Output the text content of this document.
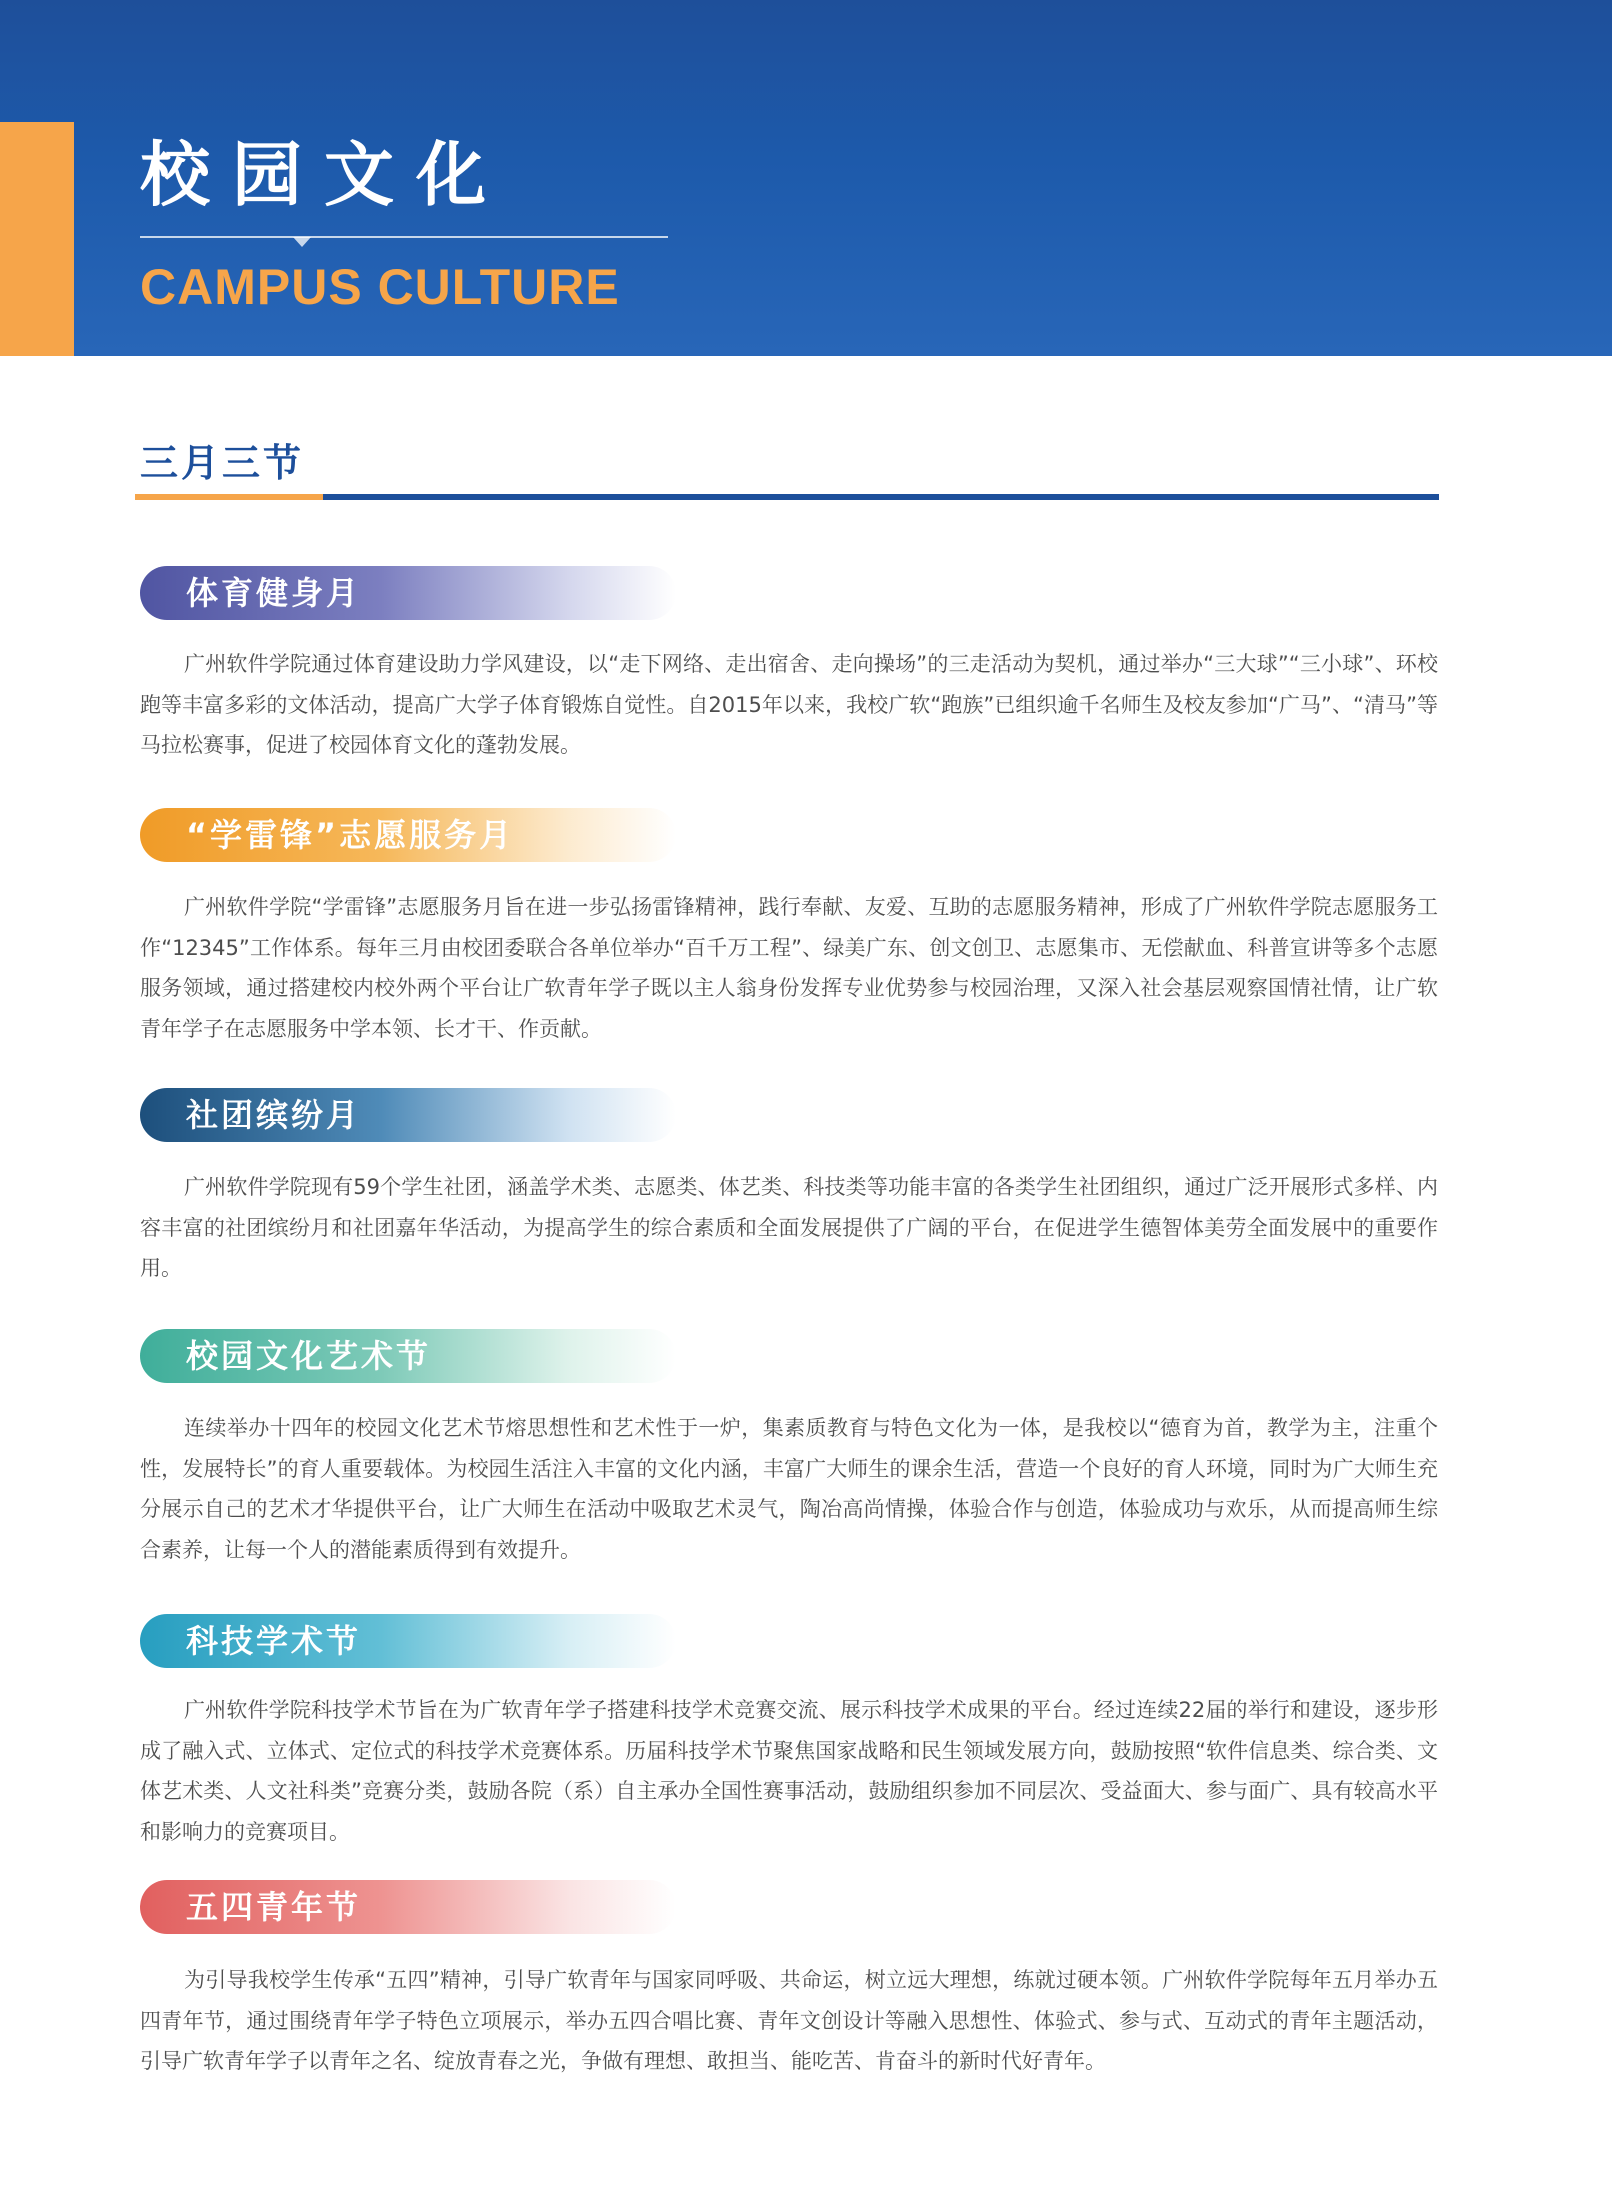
校园文化
CAMPUS CULTURE
三月三节
体育健身月

广州软件学院通过体育建设助力学风建设，以“走下网络、走出宿舍、走向操场”的三走活动为契机，通过举办“三大球”“三小球”、环校跑等丰富多彩的文体活动，提高广大学子体育锻炼自觉性。自2015年以来，我校广软“跑族”已组织逾千名师生及校友参加“广马”、“清马”等马拉松赛事，促进了校园体育文化的蓬勃发展。

“学雷锋”志愿服务月

广州软件学院“学雷锋”志愿服务月旨在进一步弘扬雷锋精神，践行奉献、友爱、互助的志愿服务精神，形成了广州软件学院志愿服务工作“12345”工作体系。每年三月由校团委联合各单位举办“百千万工程”、绿美广东、创文创卫、志愿集市、无偿献血、科普宣讲等多个志愿服务领域，通过搭建校内校外两个平台让广软青年学子既以主人翁身份发挥专业优势参与校园治理，又深入社会基层观察国情社情，让广软青年学子在志愿服务中学本领、长才干、作贡献。

社团缤纷月

广州软件学院现有59个学生社团，涵盖学术类、志愿类、体艺类、科技类等功能丰富的各类学生社团组织，通过广泛开展形式多样、内容丰富的社团缤纷月和社团嘉年华活动，为提高学生的综合素质和全面发展提供了广阔的平台，在促进学生德智体美劳全面发展中的重要作用。

校园文化艺术节

连续举办十四年的校园文化艺术节熔思想性和艺术性于一炉，集素质教育与特色文化为一体，是我校以“德育为首，教学为主，注重个性，发展特长”的育人重要载体。为校园生活注入丰富的文化内涵，丰富广大师生的课余生活，营造一个良好的育人环境，同时为广大师生充分展示自己的艺术才华提供平台，让广大师生在活动中吸取艺术灵气，陶冶高尚情操，体验合作与创造，体验成功与欢乐，从而提高师生综合素养，让每一个人的潜能素质得到有效提升。

科技学术节

广州软件学院科技学术节旨在为广软青年学子搭建科技学术竞赛交流、展示科技学术成果的平台。经过连续22届的举行和建设，逐步形成了融入式、立体式、定位式的科技学术竞赛体系。历届科技学术节聚焦国家战略和民生领域发展方向，鼓励按照“软件信息类、综合类、文体艺术类、人文社科类”竞赛分类，鼓励各院（系）自主承办全国性赛事活动，鼓励组织参加不同层次、受益面大、参与面广、具有较高水平和影响力的竞赛项目。

五四青年节

为引导我校学生传承“五四”精神，引导广软青年与国家同呼吸、共命运，树立远大理想，练就过硬本领。广州软件学院每年五月举办五四青年节，通过围绕青年学子特色立项展示，举办五四合唱比赛、青年文创设计等融入思想性、体验式、参与式、互动式的青年主题活动，引导广软青年学子以青年之名、绽放青春之光，争做有理想、敢担当、能吃苦、肯奋斗的新时代好青年。
